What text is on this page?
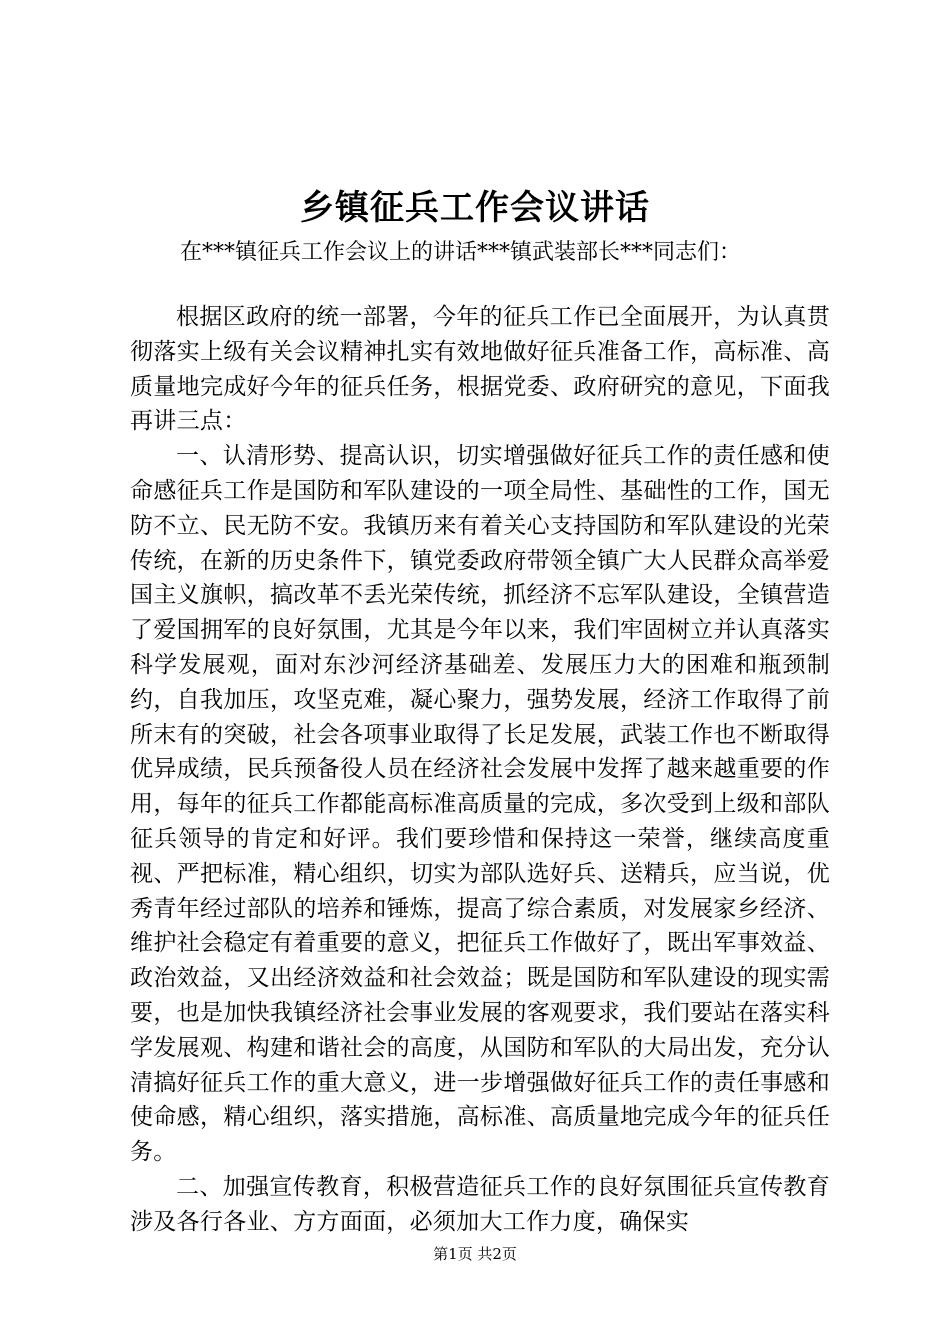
乡镇征兵工作会议讲话
在***镇征兵工作会议上的讲话***镇武装部长***同志们：

根据区政府的统一部署，今年的征兵工作已全面展开，为认真贯彻落实上级有关会议精神扎实有效地做好征兵准备工作，高标准、高质量地完成好今年的征兵任务，根据党委、政府研究的意见，下面我再讲三点：

一、认清形势、提高认识，切实增强做好征兵工作的责任感和使命感征兵工作是国防和军队建设的一项全局性、基础性的工作，国无防不立、民无防不安。我镇历来有着关心支持国防和军队建设的光荣传统，在新的历史条件下，镇党委政府带领全镇广大人民群众高举爱国主义旗帜，搞改革不丢光荣传统，抓经济不忘军队建设，全镇营造了爱国拥军的良好氛围，尤其是今年以来，我们牢固树立并认真落实科学发展观，面对东沙河经济基础差、发展压力大的困难和瓶颈制约，自我加压，攻坚克难，凝心聚力，强势发展，经济工作取得了前所末有的突破，社会各项事业取得了长足发展，武装工作也不断取得优异成绩，民兵预备役人员在经济社会发展中发挥了越来越重要的作用，每年的征兵工作都能高标准高质量的完成，多次受到上级和部队征兵领导的肯定和好评。我们要珍惜和保持这一荣誉，继续高度重视、严把标准，精心组织，切实为部队选好兵、送精兵，应当说，优秀青年经过部队的培养和锤炼，提高了综合素质，对发展家乡经济、维护社会稳定有着重要的意义，把征兵工作做好了，既出军事效益、政治效益，又出经济效益和社会效益；既是国防和军队建设的现实需要，也是加快我镇经济社会事业发展的客观要求，我们要站在落实科学发展观、构建和谐社会的高度，从国防和军队的大局出发，充分认清搞好征兵工作的重大意义，进一步增强做好征兵工作的责任事感和使命感，精心组织，落实措施，高标准、高质量地完成今年的征兵任务。

二、加强宣传教育，积极营造征兵工作的良好氛围征兵宣传教育涉及各行各业、方方面面，必须加大工作力度，确保实

第1页 共2页
